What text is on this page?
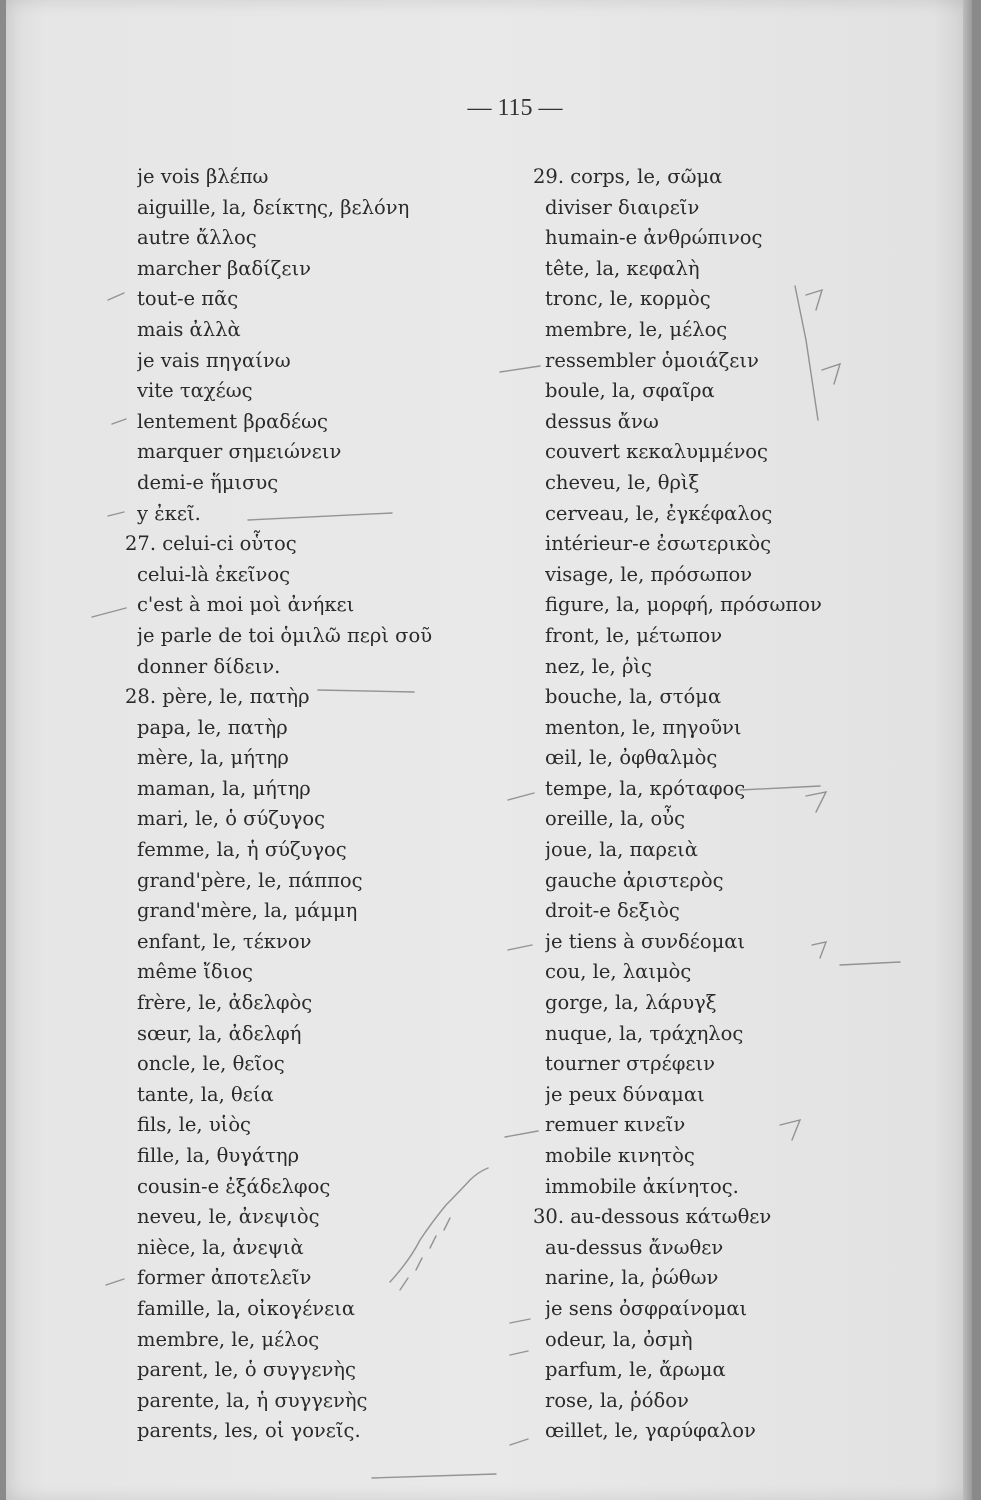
— 115 —
je vois βλέπω
aiguille, la, δείκτης, βελόνη
autre ἄλλος
marcher βαδίζειν
tout-e πᾶς
mais ἀλλὰ
je vais πηγαίνω
vite ταχέως
lentement βραδέως
marquer σημειώνειν
demi-e ἥμισυς
y ἐκεῖ.
27. celui-ci οὗτος
celui-là ἐκεῖνος
c'est à moi μοὶ ἀνήκει
je parle de toi ὁμιλῶ περὶ σοῦ
donner δίδειν.
28. père, le, πατὴρ
papa, le, πατὴρ
mère, la, μήτηρ
maman, la, μήτηρ
mari, le, ὁ σύζυγος
femme, la, ἡ σύζυγος
grand'père, le, πάππος
grand'mère, la, μάμμη
enfant, le, τέκνον
même ἴδιος
frère, le, ἀδελφὸς
sœur, la, ἀδελφή
oncle, le, θεῖος
tante, la, θεία
fils, le, υἱὸς
fille, la, θυγάτηρ
cousin-e ἐξάδελφος
neveu, le, ἀνεψιὸς
nièce, la, ἀνεψιὰ
former ἀποτελεῖν
famille, la, οἰκογένεια
membre, le, μέλος
parent, le, ὁ συγγενὴς
parente, la, ἡ συγγενὴς
parents, les, οἱ γονεῖς.
29. corps, le, σῶμα
diviser διαιρεῖν
humain-e ἀνθρώπινος
tête, la, κεφαλὴ
tronc, le, κορμὸς
membre, le, μέλος
ressembler ὁμοιάζειν
boule, la, σφαῖρα
dessus ἄνω
couvert κεκαλυμμένος
cheveu, le, θρὶξ
cerveau, le, ἐγκέφαλος
intérieur-e ἐσωτερικὸς
visage, le, πρόσωπον
figure, la, μορφή, πρόσωπον
front, le, μέτωπον
nez, le, ῥὶς
bouche, la, στόμα
menton, le, πηγοῦνι
œil, le, ὀφθαλμὸς
tempe, la, κρόταφος
oreille, la, οὖς
joue, la, παρειὰ
gauche ἀριστερὸς
droit-e δεξιὸς
je tiens à συνδέομαι
cou, le, λαιμὸς
gorge, la, λάρυγξ
nuque, la, τράχηλος
tourner στρέφειν
je peux δύναμαι
remuer κινεῖν
mobile κινητὸς
immobile ἀκίνητος.
30. au-dessous κάτωθεν
au-dessus ἄνωθεν
narine, la, ῥώθων
je sens ὀσφραίνομαι
odeur, la, ὀσμὴ
parfum, le, ἄρωμα
rose, la, ῥόδον
œillet, le, γαρύφαλον
